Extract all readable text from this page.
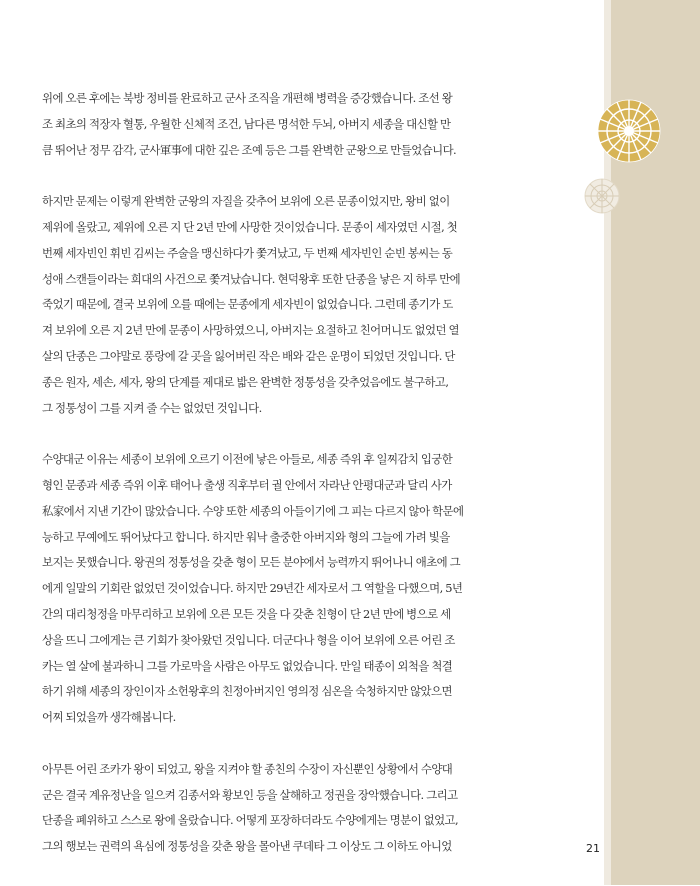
위에 오른 후에는 북방 정비를 완료하고 군사 조직을 개편해 병력을 증강했습니다. 조선 왕
조 최초의 적장자 혈통, 우월한 신체적 조건, 남다른 명석한 두뇌, 아버지 세종을 대신할 만
큼 뛰어난 정무 감각, 군사軍事에 대한 깊은 조예 등은 그를 완벽한 군왕으로 만들었습니다.
하지만 문제는 이렇게 완벽한 군왕의 자질을 갖추어 보위에 오른 문종이었지만, 왕비 없이
제위에 올랐고, 제위에 오른 지 단 2년 만에 사망한 것이었습니다. 문종이 세자였던 시절, 첫
번째 세자빈인 휘빈 김씨는 주술을 맹신하다가 쫓겨났고, 두 번째 세자빈인 순빈 봉씨는 동
성애 스캔들이라는 희대의 사건으로 쫓겨났습니다. 현덕왕후 또한 단종을 낳은 지 하루 만에
죽었기 때문에, 결국 보위에 오를 때에는 문종에게 세자빈이 없었습니다. 그런데 종기가 도
져 보위에 오른 지 2년 만에 문종이 사망하였으니, 아버지는 요절하고 친어머니도 없었던 열
살의 단종은 그야말로 풍랑에 갈 곳을 잃어버린 작은 배와 같은 운명이 되었던 것입니다. 단
종은 원자, 세손, 세자, 왕의 단계를 제대로 밟은 완벽한 정통성을 갖추었음에도 불구하고,
그 정통성이 그를 지켜 줄 수는 없었던 것입니다.
수양대군 이유는 세종이 보위에 오르기 이전에 낳은 아들로, 세종 즉위 후 일찌감치 입궁한
형인 문종과 세종 즉위 이후 태어나 출생 직후부터 궐 안에서 자라난 안평대군과 달리 사가
私家에서 지낸 기간이 많았습니다. 수양 또한 세종의 아들이기에 그 피는 다르지 않아 학문에
능하고 무예에도 뛰어났다고 합니다. 하지만 워낙 출중한 아버지와 형의 그늘에 가려 빛을
보지는 못했습니다. 왕권의 정통성을 갖춘 형이 모든 분야에서 능력까지 뛰어나니 애초에 그
에게 일말의 기회란 없었던 것이었습니다. 하지만 29년간 세자로서 그 역할을 다했으며, 5년
간의 대리청정을 마무리하고 보위에 오른 모든 것을 다 갖춘 친형이 단 2년 만에 병으로 세
상을 뜨니 그에게는 큰 기회가 찾아왔던 것입니다. 더군다나 형을 이어 보위에 오른 어린 조
카는 열 살에 불과하니 그를 가로막을 사람은 아무도 없었습니다. 만일 태종이 외척을 척결
하기 위해 세종의 장인이자 소헌왕후의 친정아버지인 영의정 심온을 숙청하지만 않았으면
어찌 되었을까 생각해봅니다.
아무튼 어린 조카가 왕이 되었고, 왕을 지켜야 할 종친의 수장이 자신뿐인 상황에서 수양대
군은 결국 계유정난을 일으켜 김종서와 황보인 등을 살해하고 정권을 장악했습니다. 그리고
단종을 폐위하고 스스로 왕에 올랐습니다. 어떻게 포장하더라도 수양에게는 명분이 없었고,
그의 행보는 권력의 욕심에 정통성을 갖춘 왕을 몰아낸 쿠데타 그 이상도 그 이하도 아니었	21
